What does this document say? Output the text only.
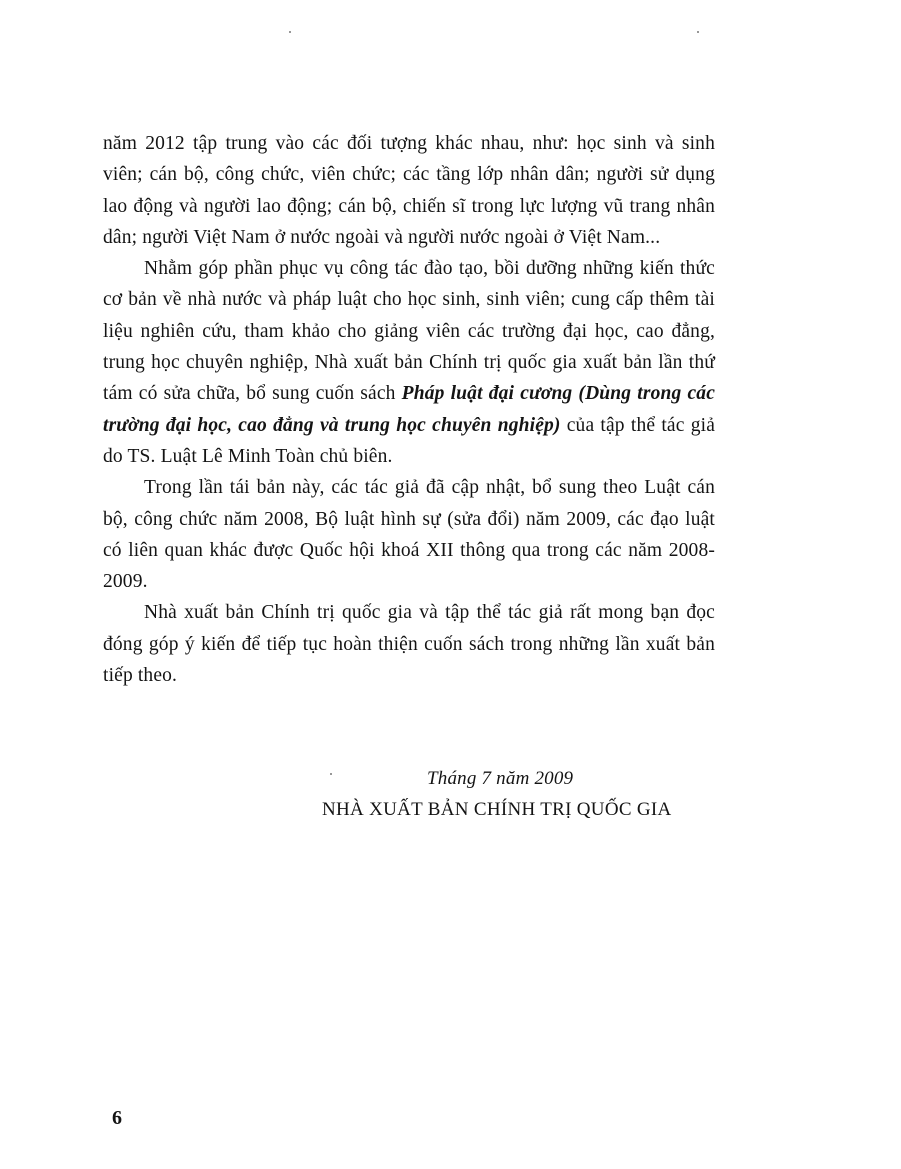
năm 2012 tập trung vào các đối tượng khác nhau, như: học sinh và sinh viên; cán bộ, công chức, viên chức; các tầng lớp nhân dân; người sử dụng lao động và người lao động; cán bộ, chiến sĩ trong lực lượng vũ trang nhân dân; người Việt Nam ở nước ngoài và người nước ngoài ở Việt Nam...

Nhằm góp phần phục vụ công tác đào tạo, bồi dưỡng những kiến thức cơ bản về nhà nước và pháp luật cho học sinh, sinh viên; cung cấp thêm tài liệu nghiên cứu, tham khảo cho giảng viên các trường đại học, cao đẳng, trung học chuyên nghiệp, Nhà xuất bản Chính trị quốc gia xuất bản lần thứ tám có sửa chữa, bổ sung cuốn sách Pháp luật đại cương (Dùng trong các trường đại học, cao đẳng và trung học chuyên nghiệp) của tập thể tác giả do TS. Luật Lê Minh Toàn chủ biên.

Trong lần tái bản này, các tác giả đã cập nhật, bổ sung theo Luật cán bộ, công chức năm 2008, Bộ luật hình sự (sửa đổi) năm 2009, các đạo luật có liên quan khác được Quốc hội khoá XII thông qua trong các năm 2008-2009.

Nhà xuất bản Chính trị quốc gia và tập thể tác giả rất mong bạn đọc đóng góp ý kiến để tiếp tục hoàn thiện cuốn sách trong những lần xuất bản tiếp theo.

Tháng 7 năm 2009
NHÀ XUẤT BẢN CHÍNH TRỊ QUỐC GIA
6
